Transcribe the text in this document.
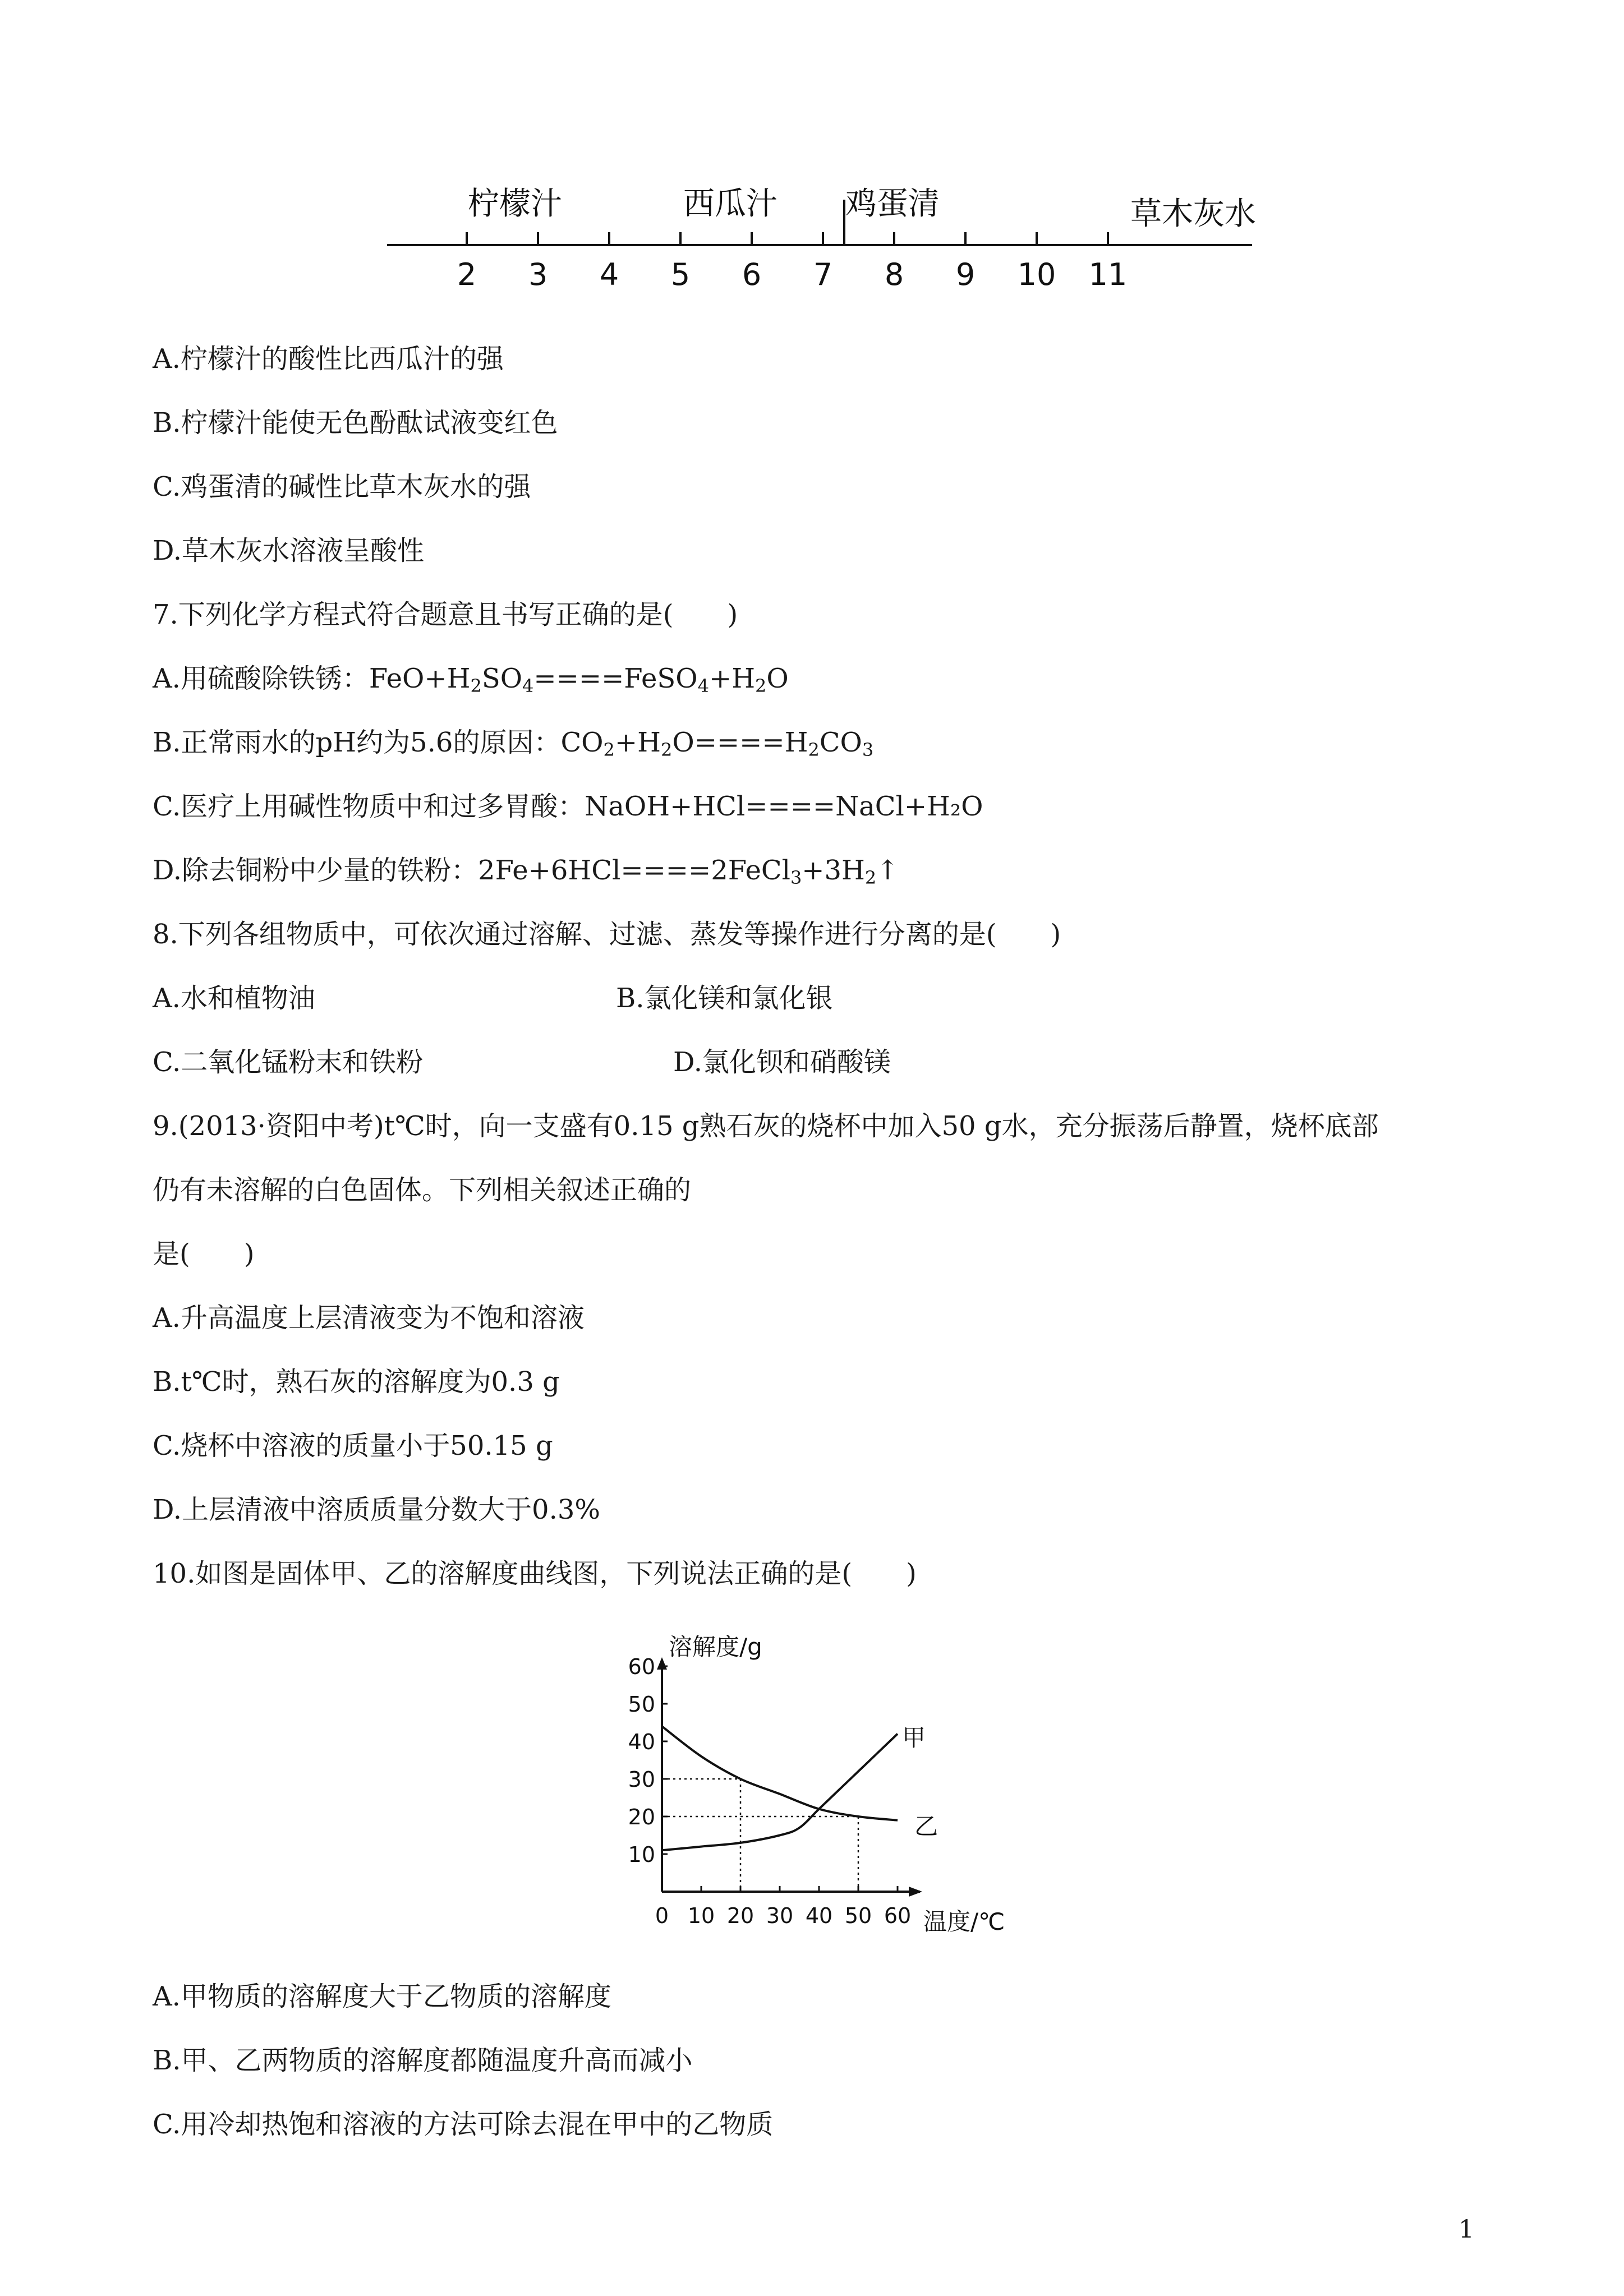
2 3 4 5 6 7 8 9 10 11
柠檬汁	西瓜汁 鸡蛋清	草木灰水
A.柠檬汁的酸性比西瓜汁的强
B.柠檬汁能使无色酚酞试液变红色
C.鸡蛋清的碱性比草木灰水的强
D.草木灰水溶液呈酸性
7.下列化学方程式符合题意且书写正确的是(　　)
A.用硫酸除铁锈：$FeO+H_2SO_4====FeSO_4+H_2O$
B.正常雨水的pH约为5.6的原因：$CO_2+H_2O====H_2CO_3$
C.医疗上用碱性物质中和过多胃酸：NaOH+HCl====NaCl+H₂O
D.除去铜粉中少量的铁粉：$2Fe+6HCl====2FeCl_3+3H_2↑$
8.下列各组物质中，可依次通过溶解、过滤、蒸发等操作进行分离的是(　　)
A.水和植物油	B.氯化镁和氯化银
C.二氧化锰粉末和铁粉	D.氯化钡和硝酸镁
9.(2013·资阳中考)t℃时，向一支盛有0.15 g熟石灰的烧杯中加入50 g水，充分振荡后静置，烧杯底部
仍有未溶解的白色固体。下列相关叙述正确的
是(　　)
A.升高温度上层清液变为不饱和溶液
B.t℃时，熟石灰的溶解度为0.3 g
C.烧杯中溶液的质量小于50.15 g
D.上层清液中溶质质量分数大于0.3%
10.如图是固体甲、乙的溶解度曲线图，下列说法正确的是(　　)
0 10 20 30 40 50 60
10
20
30
40
50
60
溶解度/g
温度/℃
甲
乙
A.甲物质的溶解度大于乙物质的溶解度
B.甲、乙两物质的溶解度都随温度升高而减小
C.用冷却热饱和溶液的方法可除去混在甲中的乙物质
1
